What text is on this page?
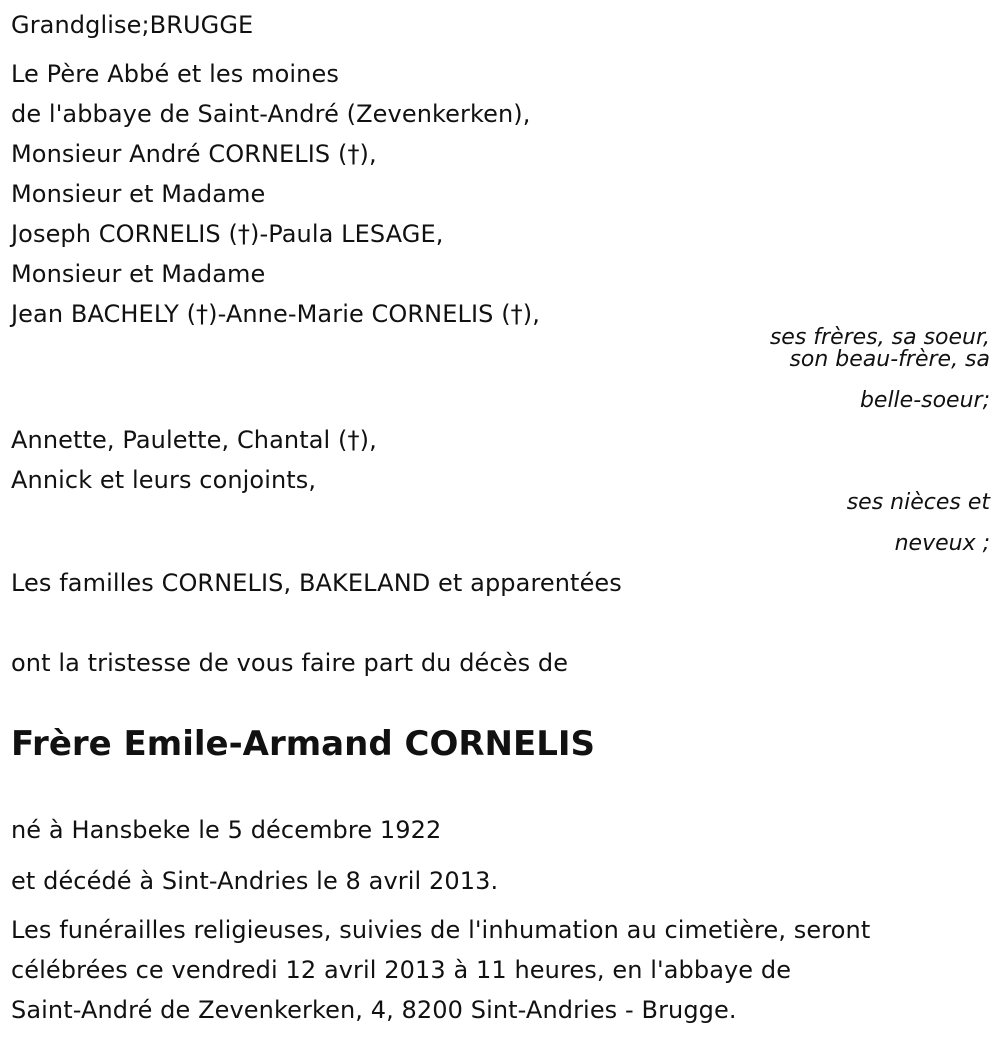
Grandglise;BRUGGE
Le Père Abbé et les moines
de l'abbaye de Saint-André (Zevenkerken),
Monsieur André CORNELIS (†),
Monsieur et Madame
Joseph CORNELIS (†)-Paula LESAGE,
Monsieur et Madame
Jean BACHELY (†)-Anne-Marie CORNELIS (†),
ses frères, sa soeur,
son beau-frère, sa
belle-soeur;
Annette, Paulette, Chantal (†),
Annick et leurs conjoints,
ses nièces et
neveux ;
Les familles CORNELIS, BAKELAND et apparentées
ont la tristesse de vous faire part du décès de
Frère Emile-Armand CORNELIS
né à Hansbeke le 5 décembre 1922
et décédé à Sint-Andries le 8 avril 2013.
Les funérailles religieuses, suivies de l'inhumation au cimetière, seront
célébrées ce vendredi 12 avril 2013 à 11 heures, en l'abbaye de
Saint-André de Zevenkerken, 4, 8200 Sint-Andries - Brugge.
